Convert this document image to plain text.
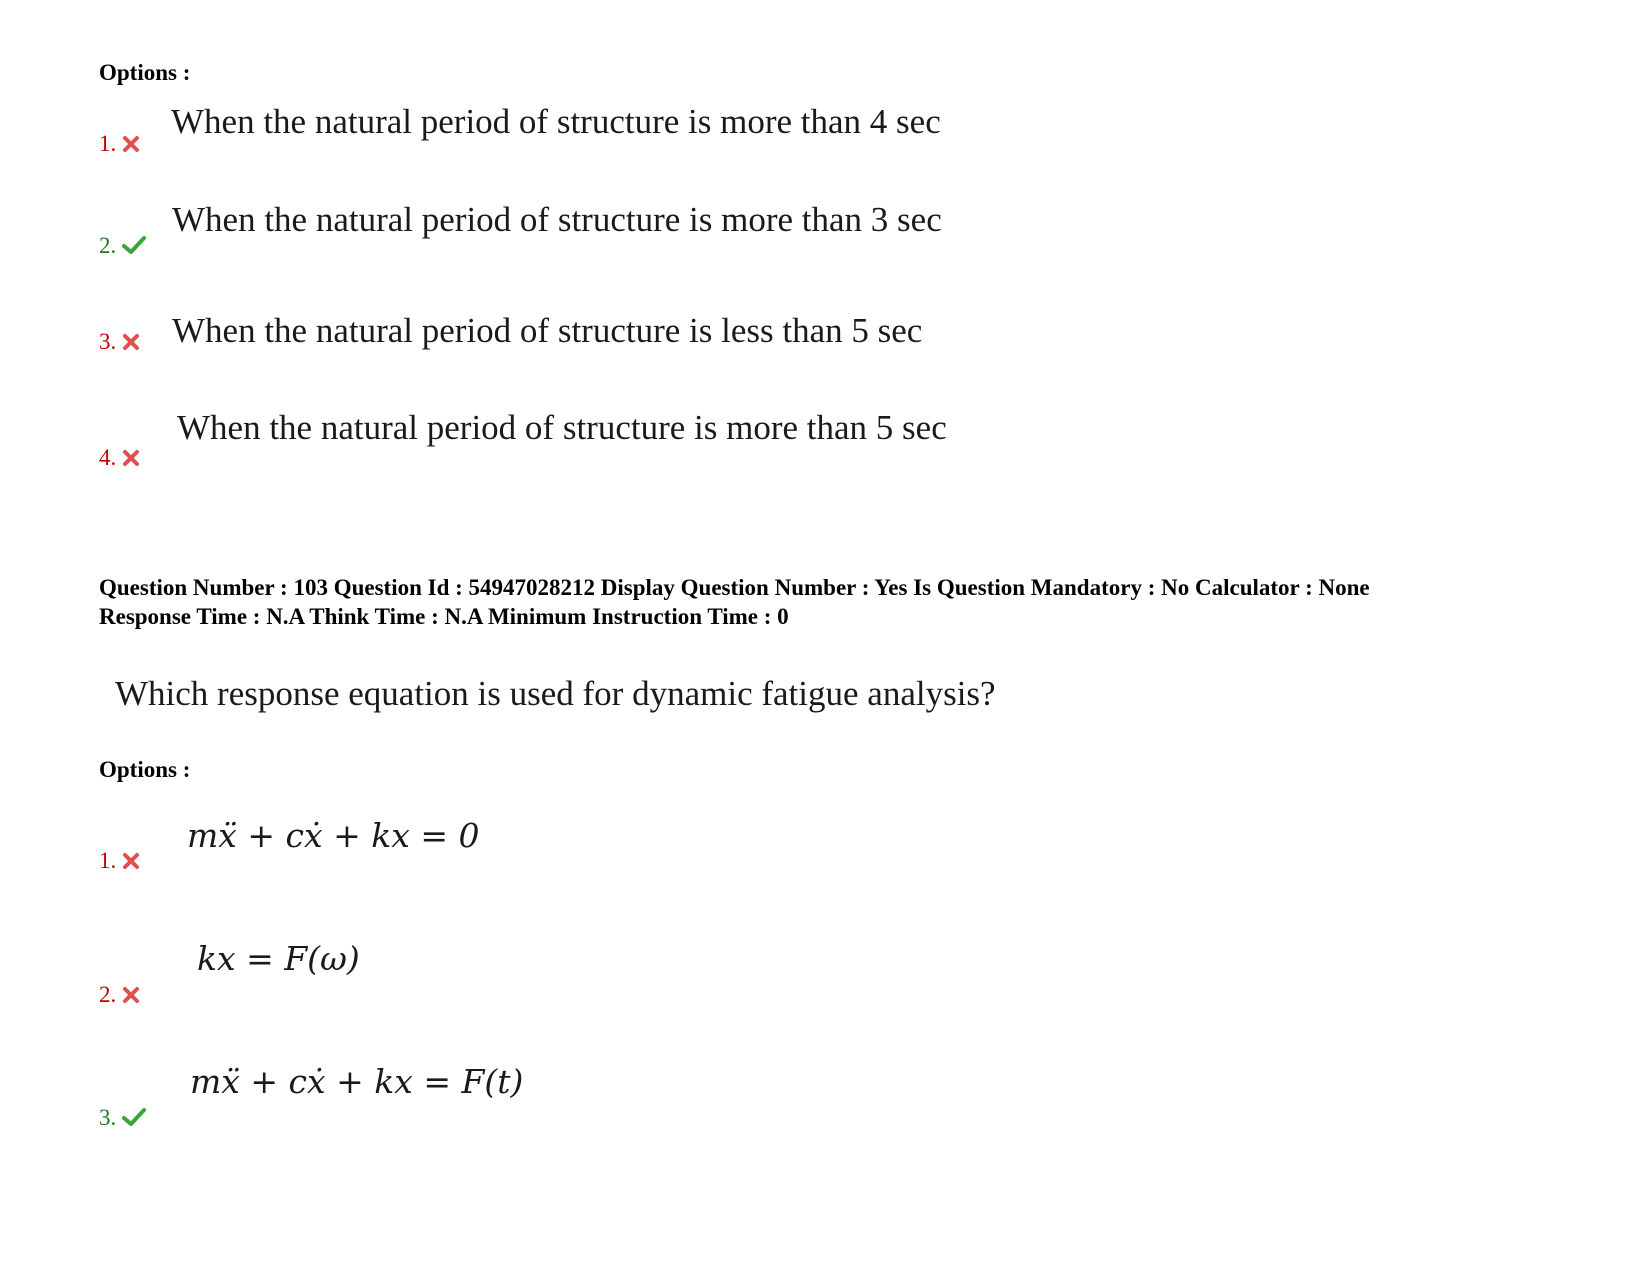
Options :
1.
When the natural period of structure is more than 4 sec
2.
When the natural period of structure is more than 3 sec
3.	When the natural period of structure is less than 5 sec
4.
When the natural period of structure is more than 5 sec
Question Number : 103 Question Id : 54947028212 Display Question Number : Yes Is Question Mandatory : No Calculator : None
Response Time : N.A Think Time : N.A Minimum Instruction Time : 0
Which response equation is used for dynamic fatigue analysis?
Options :
1.
mẍ + cẋ + kx = 0
2.
kx = F(ω)
3.
mẍ + cẋ + kx = F(t)
